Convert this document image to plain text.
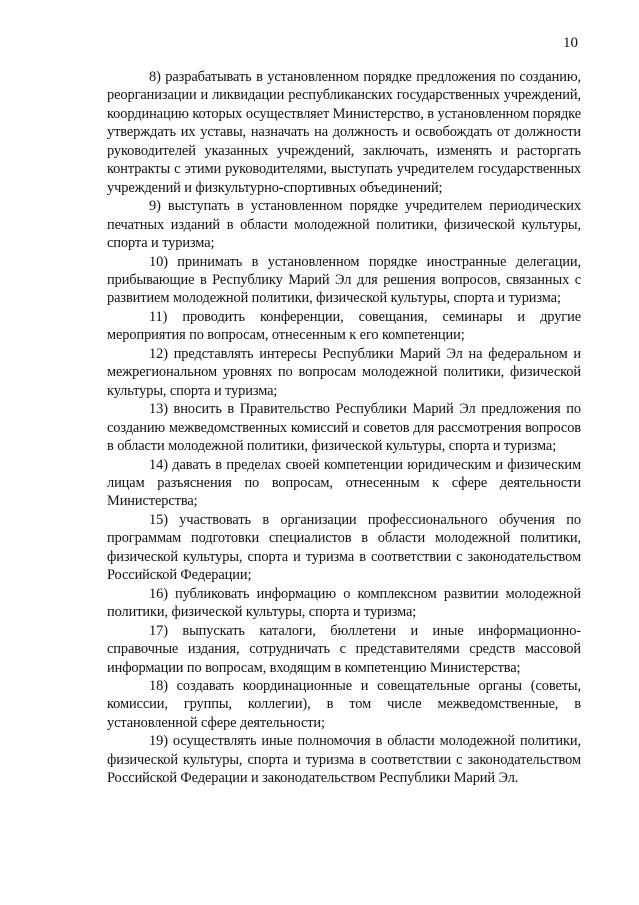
10

8) разрабатывать в установленном порядке предложения по созданию, реорганизации и ликвидации республиканских государственных учреждений, координацию которых осуществляет Министерство, в установленном порядке утверждать их уставы, назначать на должность и освобождать от должности руководителей указанных учреждений, заключать, изменять и расторгать контракты с этими руководителями, выступать учредителем государственных учреждений и физкультурно-спортивных объединений;

9) выступать в установленном порядке учредителем периодических печатных изданий в области молодежной политики, физической культуры, спорта и туризма;

10) принимать в установленном порядке иностранные делегации, прибывающие в Республику Марий Эл для решения вопросов, связанных с развитием молодежной политики, физической культуры, спорта и туризма;

11) проводить конференции, совещания, семинары и другие мероприятия по вопросам, отнесенным к его компетенции;

12) представлять интересы Республики Марий Эл на федеральном и межрегиональном уровнях по вопросам молодежной политики, физической культуры, спорта и туризма;

13) вносить в Правительство Республики Марий Эл предложения по созданию межведомственных комиссий и советов для рассмотрения вопросов в области молодежной политики, физической культуры, спорта и туризма;

14) давать в пределах своей компетенции юридическим и физическим лицам разъяснения по вопросам, отнесенным к сфере деятельности Министерства;

15) участвовать в организации профессионального обучения по программам подготовки специалистов в области молодежной политики, физической культуры, спорта и туризма в соответствии с законодательством Российской Федерации;

16) публиковать информацию о комплексном развитии молодежной политики, физической культуры, спорта и туризма;

17) выпускать каталоги, бюллетени и иные информационно-справочные издания, сотрудничать с представителями средств массовой информации по вопросам, входящим в компетенцию Министерства;

18) создавать координационные и совещательные органы (советы, комиссии, группы, коллегии), в том числе межведомственные, в установленной сфере деятельности;

19) осуществлять иные полномочия в области молодежной политики, физической культуры, спорта и туризма в соответствии с законодательством Российской Федерации и законодательством Республики Марий Эл.
